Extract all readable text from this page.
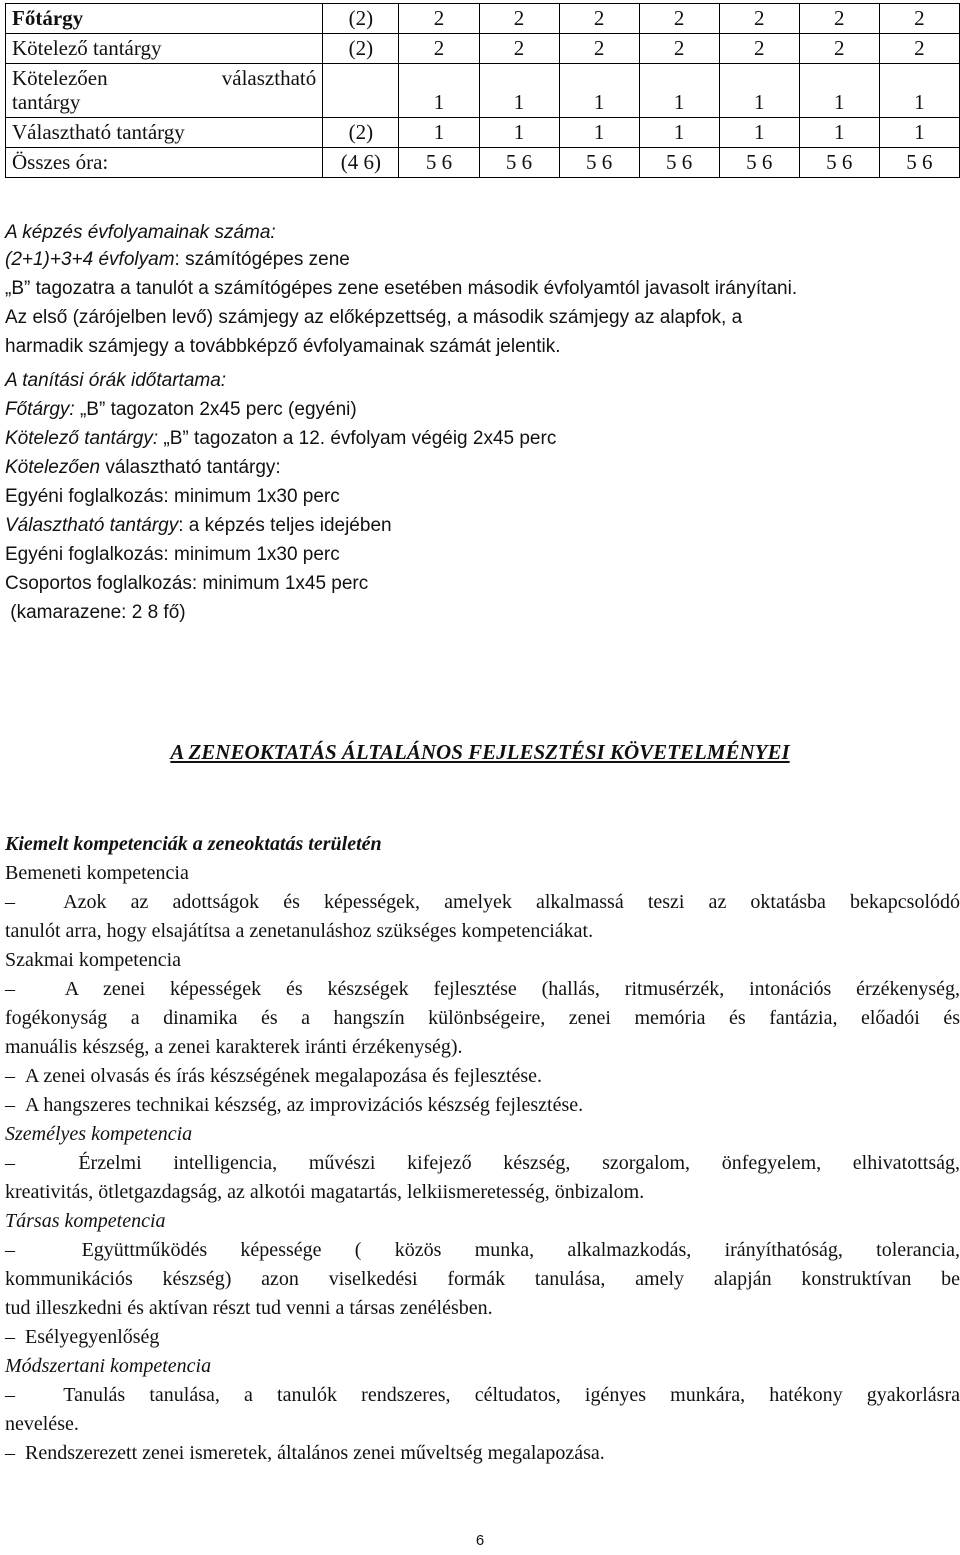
Főtárgy	(2)	2	2	2	2	2	2	2
Kötelező tantárgy	(2)	2	2	2	2	2	2	2

Kötelezően választható
tantárgy		1	1	1	1	1	1	1
Választható tantárgy	(2)	1	1	1	1	1	1	1
Összes óra:	(4 6)	5 6	5 6	5 6	5 6	5 6	5 6	5 6
A képzés évfolyamainak száma:
(2+1)+3+4 évfolyam: számítógépes zene
„B” tagozatra a tanulót a számítógépes zene esetében második évfolyamtól javasolt irányítani.
Az első (zárójelben levő) számjegy az előképzettség, a második számjegy az alapfok, a
harmadik számjegy a továbbképző évfolyamainak számát jelentik.
A tanítási órák időtartama:
Főtárgy: „B” tagozaton 2x45 perc (egyéni)
Kötelező tantárgy: „B” tagozaton a 12. évfolyam végéig 2x45 perc
Kötelezően választható tantárgy:
Egyéni foglalkozás: minimum 1x30 perc
Választható tantárgy: a képzés teljes idejében
Egyéni foglalkozás: minimum 1x30 perc
Csoportos foglalkozás: minimum 1x45 perc
(kamarazene: 2 8 fő)
A ZENEOKTATÁS ÁLTALÁNOS FEJLESZTÉSI KÖVETELMÉNYEI
Kiemelt kompetenciák a zeneoktatás területén
Bemeneti kompetencia
– Azok az adottságok és képességek, amelyek alkalmassá teszi az oktatásba bekapcsolódó
tanulót arra, hogy elsajátítsa a zenetanuláshoz szükséges kompetenciákat.
Szakmai kompetencia
– A zenei képességek és készségek fejlesztése (hallás, ritmusérzék, intonációs érzékenység,
fogékonyság a dinamika és a hangszín különbségeire, zenei memória és fantázia, előadói és
manuális készség, a zenei karakterek iránti érzékenység).
– A zenei olvasás és írás készségének megalapozása és fejlesztése.
– A hangszeres technikai készség, az improvizációs készség fejlesztése.
Személyes kompetencia
–	Érzelmi intelligencia, művészi kifejező készség, szorgalom, önfegyelem, elhivatottság,
kreativitás, ötletgazdagság, az alkotói magatartás, lelkiismeretesség, önbizalom.
Társas kompetencia
–	Együttműködés képessége ( közös munka, alkalmazkodás, irányíthatóság, tolerancia,
kommunikációs készség) azon viselkedési formák tanulása, amely alapján konstruktívan be
tud illeszkedni és aktívan részt tud venni a társas zenélésben.
– Esélyegyenlőség
Módszertani kompetencia
– Tanulás tanulása, a tanulók rendszeres, céltudatos, igényes munkára, hatékony gyakorlásra
nevelése.
– Rendszerezett zenei ismeretek, általános zenei műveltség megalapozása.
6
